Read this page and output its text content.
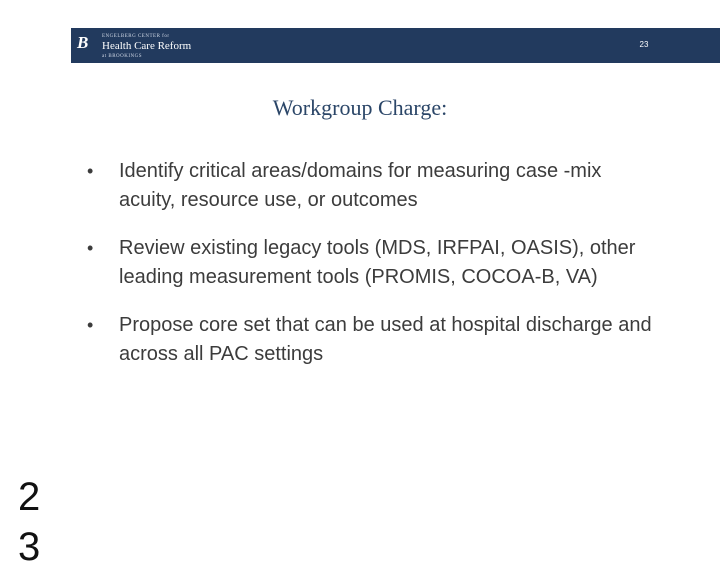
B	ENGELBERG CENTER for
Health Care Reform
at BROOKINGS
23
Workgroup Charge:
• Identify critical areas/domains for measuring case -mix acuity, resource use, or outcomes
• Review existing legacy tools (MDS, IRFPAI, OASIS), other leading measurement tools (PROMIS, COCOA-B, VA)
• Propose core set that can be used at hospital discharge and across all PAC settings
2
3
